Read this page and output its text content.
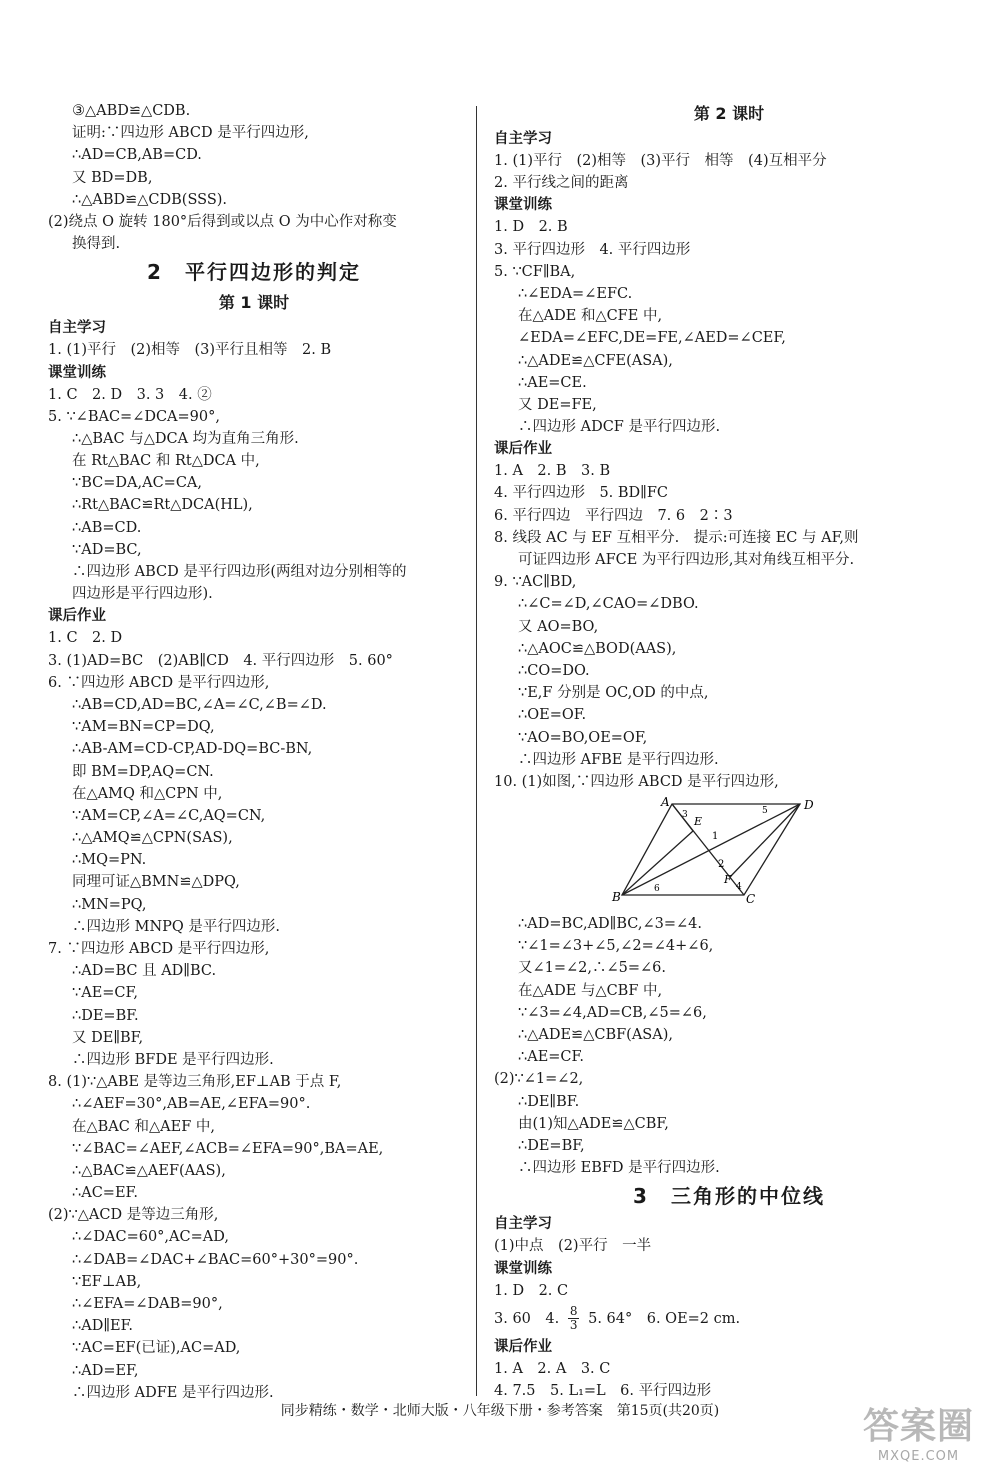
③△ABD≌△CDB.
证明:∵四边形 ABCD 是平行四边形,
∴AD=CB,AB=CD.
又 BD=DB,
∴△ABD≌△CDB(SSS).
(2)绕点 O 旋转 180°后得到或以点 O 为中心作对称变
换得到.
2　平行四边形的判定
第 1 课时
自主学习
1. (1)平行　(2)相等　(3)平行且相等　2. B
课堂训练
1. C　2. D　3. 3　4. ②
5. ∵∠BAC=∠DCA=90°,
∴△BAC 与△DCA 均为直角三角形.
在 Rt△BAC 和 Rt△DCA 中,
∵BC=DA,AC=CA,
∴Rt△BAC≌Rt△DCA(HL),
∴AB=CD.
∵AD=BC,
∴四边形 ABCD 是平行四边形(两组对边分别相等的
四边形是平行四边形).
课后作业
1. C　2. D
3. (1)AD=BC　(2)AB∥CD　4. 平行四边形　5. 60°
6. ∵四边形 ABCD 是平行四边形,
∴AB=CD,AD=BC,∠A=∠C,∠B=∠D.
∵AM=BN=CP=DQ,
∴AB-AM=CD-CP,AD-DQ=BC-BN,
即 BM=DP,AQ=CN.
在△AMQ 和△CPN 中,
∵AM=CP,∠A=∠C,AQ=CN,
∴△AMQ≌△CPN(SAS),
∴MQ=PN.
同理可证△BMN≌△DPQ,
∴MN=PQ,
∴四边形 MNPQ 是平行四边形.
7. ∵四边形 ABCD 是平行四边形,
∴AD=BC 且 AD∥BC.
∵AE=CF,
∴DE=BF.
又 DE∥BF,
∴四边形 BFDE 是平行四边形.
8. (1)∵△ABE 是等边三角形,EF⊥AB 于点 F,
∴∠AEF=30°,AB=AE,∠EFA=90°.
在△BAC 和△AEF 中,
∵∠BAC=∠AEF,∠ACB=∠EFA=90°,BA=AE,
∴△BAC≌△AEF(AAS),
∴AC=EF.
(2)∵△ACD 是等边三角形,
∴∠DAC=60°,AC=AD,
∴∠DAB=∠DAC+∠BAC=60°+30°=90°.
∵EF⊥AB,
∴∠EFA=∠DAB=90°,
∴AD∥EF.
∵AC=EF(已证),AC=AD,
∴AD=EF,
∴四边形 ADFE 是平行四边形.
第 2 课时
自主学习
1. (1)平行　(2)相等　(3)平行　相等　(4)互相平分
2. 平行线之间的距离
课堂训练
1. D　2. B
3. 平行四边形　4. 平行四边形
5. ∵CF∥BA,
∴∠EDA=∠EFC.
在△ADE 和△CFE 中,
∠EDA=∠EFC,DE=FE,∠AED=∠CEF,
∴△ADE≌△CFE(ASA),
∴AE=CE.
又 DE=FE,
∴四边形 ADCF 是平行四边形.
课后作业
1. A　2. B　3. B
4. 平行四边形　5. BD∥FC
6. 平行四边　平行四边　7. 6　2∶3
8. 线段 AC 与 EF 互相平分.　提示:可连接 EC 与 AF,则
可证四边形 AFCE 为平行四边形,其对角线互相平分.
9. ∵AC∥BD,
∴∠C=∠D,∠CAO=∠DBO.
又 AO=BO,
∴△AOC≌△BOD(AAS),
∴CO=DO.
∵E,F 分别是 OC,OD 的中点,
∴OE=OF.
∵AO=BO,OE=OF,
∴四边形 AFBE 是平行四边形.
10. (1)如图,∵四边形 ABCD 是平行四边形,
A	D
B	C
E
F
1
2
3
4
5
6
∴AD=BC,AD∥BC,∠3=∠4.
∵∠1=∠3+∠5,∠2=∠4+∠6,
又∠1=∠2,∴∠5=∠6.
在△ADE 与△CBF 中,
∵∠3=∠4,AD=CB,∠5=∠6,
∴△ADE≌△CBF(ASA),
∴AE=CF.
(2)∵∠1=∠2,
∴DE∥BF.
由(1)知△ADE≌△CBF,
∴DE=BF,
∴四边形 EBFD 是平行四边形.
3　三角形的中位线
自主学习
(1)中点　(2)平行　一半
课堂训练
1. D　2. C
3. 60　4. $\frac{8}{3} 5$. 64°　6. OE=2 cm.
课后作业
1. A　2. A　3. C
4. 7.5　5. L₁=L　6. 平行四边形
同步精练・数学・北师大版・八年级下册・参考答案　第15页(共20页)	答案圈
MXQE.COM
